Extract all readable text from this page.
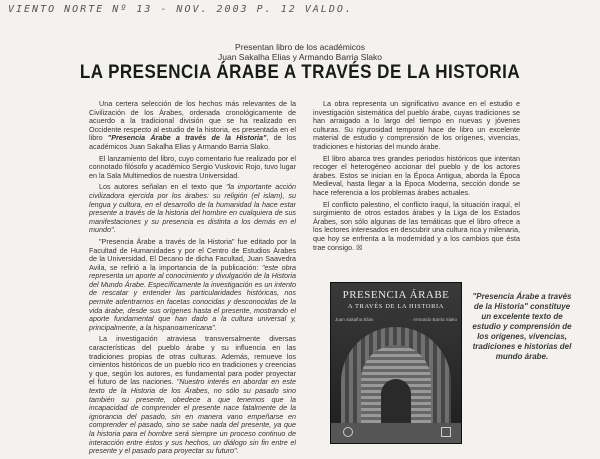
VIENTO NORTE Nº 13 - NOV. 2003 P. 12 VALDO.
Presentan libro de los académicos
Juan Sakalha Elias y Armando Barria Slako
LA PRESENCIA ÁRABE A TRAVÉS DE LA HISTORIA

Una certera selección de los hechos más relevantes de la Civilización de los Árabes, ordenada cronológicamente de acuerdo a la tradicional división que se ha realizado en Occidente respecto al estudio de la historia, es presentada en el libro "Presencia Árabe a través de la Historia", de los académicos Juan Sakalha Elias y Armando Barria Slako.

El lanzamiento del libro, cuyo comentario fue realizado por el connotado filósofo y académico Sergio Vuskovic Rojo, tuvo lugar en la Sala Multimedios de nuestra Universidad.

Los autores señalan en el texto que "la importante acción civilizadora ejercida por los árabes: su religión (el islam), su lengua y cultura, en el desarrollo de la humanidad la hace estar presente a través de la historia del hombre en cualquiera de sus manifestaciones y su presencia es distinta a los demás en el mundo".

"Presencia Árabe a través de la Historia" fue editado por la Facultad de Humanidades y por el Centro de Estudios Árabes de la Universidad. El Decano de dicha Facultad, Juan Saavedra Avila, se refirió a la importancia de la publicación: "este obra representa un aporte al conocimiento y divulgación de la Historia del Mundo Árabe. Específicamente la investigación es un intento de rescatar y entender las particularidades históricas, nos permite adentrarnos en facetas conocidas y desconocidas de la vida árabe, desde sus orígenes hasta el presente, mostrando el aporte fundamental que han dado a la cultura universal y, principalmente, a la hispanoamericana".

La investigación atraviesa transversalmente diversas características del pueblo árabe y su influencia en las tradiciones propias de otras culturas. Además, remueve los cimientos históricos de un pueblo rico en tradiciones y creencias y que, según los autores, es fundamental para poder proyectar el futuro de las naciones. "Nuestro interés en abordar en este texto de la Historia de los Árabes, no sólo su pasado sino también su presente, obedece a que tenemos que la incapacidad de comprender el presente nace fatalmente de la ignorancia del pasado, sin en manera vano empeñarse en comprender el pasado, sino se sabe nada del presente, ya que la historia para el hombre será siempre un proceso continuo de interacción entre éstos y sus hechos, un diálogo sin fin entre el presente y el pasado para proyectar su futuro".

La obra representa un significativo avance en el estudio e investigación sistemática del pueblo árabe, cuyas tradiciones se han arraigado a lo largo del tiempo en nuevas y jóvenes culturas. Su rigurosidad temporal hace de libro un excelente material de estudio y comprensión de los orígenes, vivencias, tradiciones e historias del mundo árabe.

El libro abarca tres grandes periodos históricos que intentan recoger el heterogéneo accionar del pueblo y de los actores árabes. Estos se inician en la Época Antigua, aborda la Época Medieval, hasta llegar a la Época Moderna, sección donde se hace referencia a los problemas árabes actuales.

El conflicto palestino, el conflicto iraquí, la situación iraquí, el surgimiento de otros estados árabes y la Liga de los Estados Árabes, son sólo algunas de las temáticas que el libro ofrece a los lectores interesados en descubrir una cultura rica y milenaria, que hoy se enfrenta a la modernidad y a los cambios que ésta trae consigo. ☒

PRESENCIA ÁRABE
A TRAVÉS DE LA HISTORIA
Juan Sakalha Elias	Armando Barria Slako
"Presencia Árabe a través de la Historia" constituye un excelente texto de estudio y comprensión de los orígenes, vivencias, tradiciones e historias del mundo árabe.
